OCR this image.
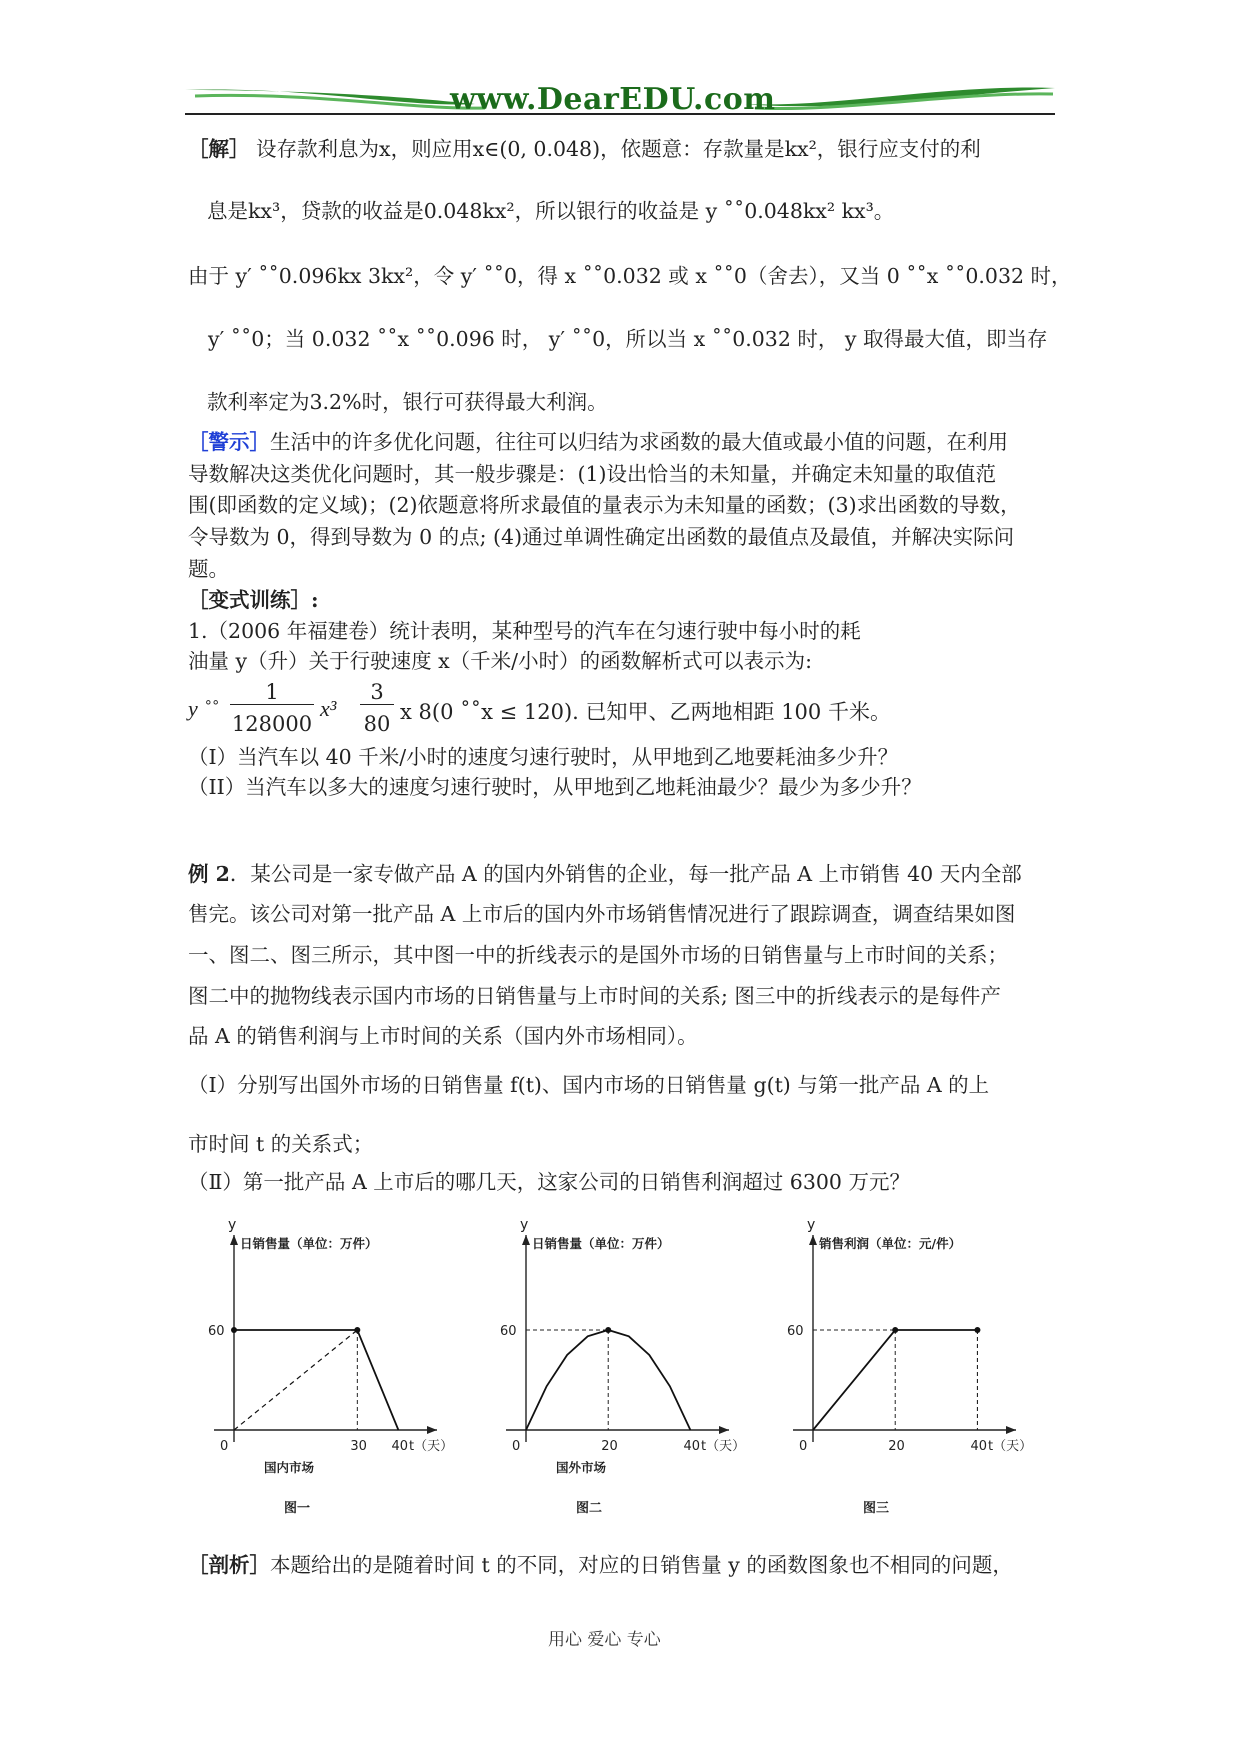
www.DearEDU.com
［解］ 设存款利息为x，则应用x∈(0, 0.048)，依题意：存款量是kx²，银行应支付的利
息是kx³，贷款的收益是0.048kx²，所以银行的收益是 y ˚˚0.048kx² kx³。
由于 y′ ˚˚0.096kx 3kx²，令 y′ ˚˚0，得 x ˚˚0.032 或 x ˚˚0（舍去），又当 0 ˚˚x ˚˚0.032 时，
y′ ˚˚0；当 0.032 ˚˚x ˚˚0.096 时， y′ ˚˚0，所以当 x ˚˚0.032 时， y 取得最大值，即当存
款利率定为3.2%时，银行可获得最大利润。
［警示］生活中的许多优化问题，往往可以归结为求函数的最大值或最小值的问题，在利用
导数解决这类优化问题时，其一般步骤是：(1)设出恰当的未知量，并确定未知量的取值范
围(即函数的定义域)；(2)依题意将所求最值的量表示为未知量的函数；(3)求出函数的导数，
令导数为 0，得到导数为 0 的点; (4)通过单调性确定出函数的最值点及最值，并解决实际问
题。
［变式训练］:
1.（2006 年福建卷）统计表明，某种型号的汽车在匀速行驶中每小时的耗
油量 y（升）关于行驶速度 x（千米/小时）的函数解析式可以表示为:
y ˚˚
1
128000
x³
3
80 x 8(0 ˚˚x ≤ 120). 已知甲、乙两地相距 100 千米。
（I）当汽车以 40 千米/小时的速度匀速行驶时，从甲地到乙地要耗油多少升？
（II）当汽车以多大的速度匀速行驶时，从甲地到乙地耗油最少？最少为多少升？
例 2．某公司是一家专做产品 A 的国内外销售的企业，每一批产品 A 上市销售 40 天内全部
售完。该公司对第一批产品 A 上市后的国内外市场销售情况进行了跟踪调查，调查结果如图
一、图二、图三所示，其中图一中的折线表示的是国外市场的日销售量与上市时间的关系；
图二中的抛物线表示国内市场的日销售量与上市时间的关系; 图三中的折线表示的是每件产
品 A 的销售利润与上市时间的关系（国内外市场相同）。
（Ⅰ）分别写出国外市场的日销售量 f(t)、国内市场的日销售量 g(t) 与第一批产品 A 的上
市时间 t 的关系式；
（Ⅱ）第一批产品 A 上市后的哪几天，这家公司的日销售利润超过 6300 万元？
y
日销售量（单位：万件）
t（天）
国内市场
图一
60
0	30 40
y
日销售量（单位：万件）
t（天）
国外市场
图二
60
0	20	40
y
销售利润（单位：元/件）
t（天）
图三
60
0	20	40
［剖析］本题给出的是随着时间 t 的不同，对应的日销售量 y 的函数图象也不相同的问题，
用心 爱心 专心
